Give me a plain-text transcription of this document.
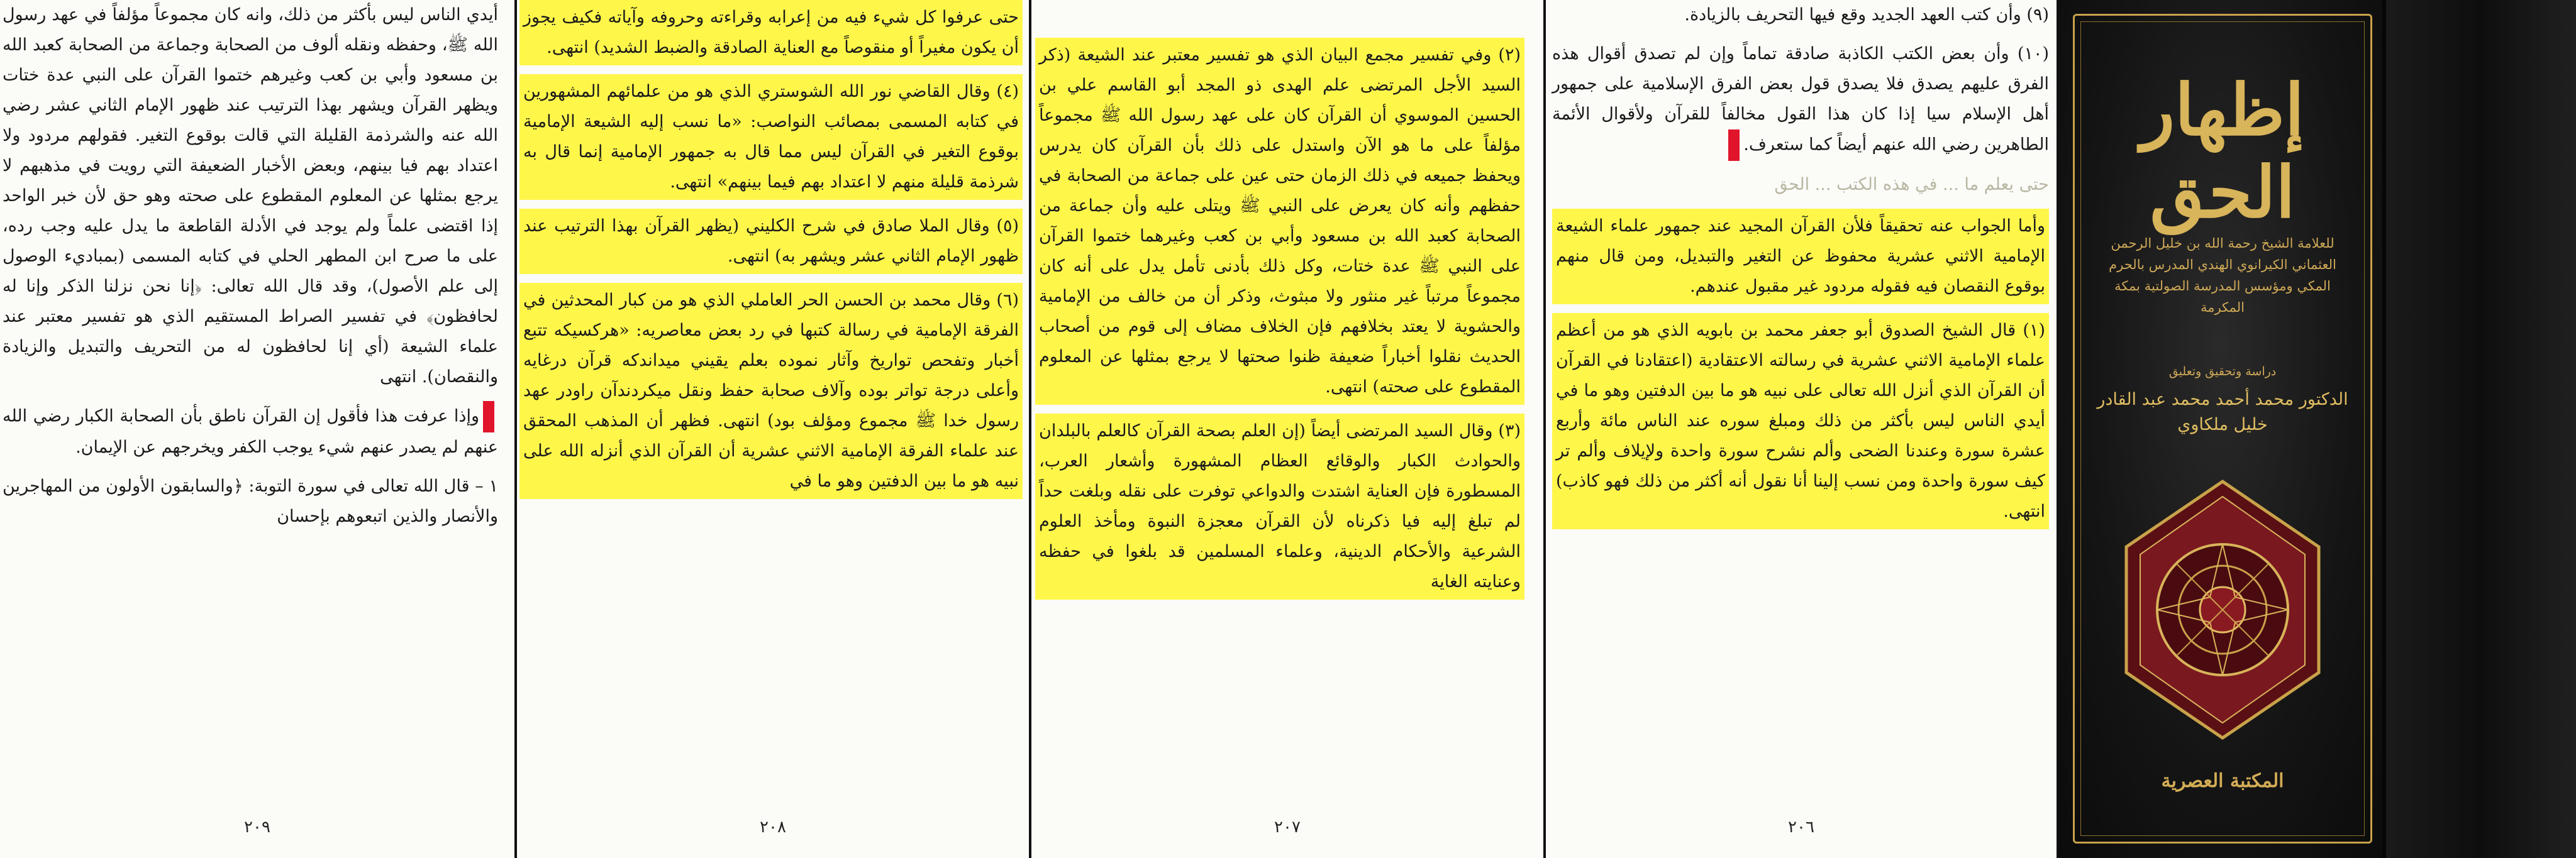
أيدي الناس ليس بأكثر من ذلك، وانه كان مجموعاً مؤلفاً في عهد رسول الله ﷺ، وحفظه ونقله ألوف من الصحابة وجماعة من الصحابة كعبد الله بن مسعود وأبي بن كعب وغيرهم ختموا القرآن على النبي عدة ختات ويظهر القرآن ويشهر بهذا الترتيب عند ظهور الإمام الثاني عشر رضي الله عنه والشرذمة القليلة التي قالت بوقوع التغير. فقولهم مردود ولا اعتداد بهم فيا بينهم، وبعض الأخبار الضعيفة التي رويت في مذهبهم لا يرجع بمثلها عن المعلوم المقطوع على صحته وهو حق لأن خبر الواحد إذا اقتضى علماً ولم يوجد في الأدلة القاطعة ما يدل عليه وجب رده، على ما صرح ابن المطهر الحلي في كتابه المسمى (بمباديء الوصول إلى علم الأصول)، وقد قال الله تعالى: ﴿إنا نحن نزلنا الذكر وإنا له لحافظون﴾ في تفسير الصراط المستقيم الذي هو تفسير معتبر عند علماء الشيعة (أي إنا لحافظون له من التحريف والتبديل والزيادة والنقصان). انتهى

وإذا عرفت هذا فأقول إن القرآن ناطق بأن الصحابة الكبار رضي الله عنهم لم يصدر عنهم شيء يوجب الكفر ويخرجهم عن الإيمان.

١ – قال الله تعالى في سورة التوبة: ﴿والسابقون الأولون من المهاجرين والأنصار والذين اتبعوهم بإحسان

٢٠٩

حتى عرفوا كل شيء فيه من إعرابه وقراءته وحروفه وآياته فكيف يجوز أن يكون مغيراً أو منقوصاً مع العناية الصادقة والضبط الشديد) انتهى.

(٤) وقال القاضي نور الله الشوستري الذي هو من علمائهم المشهورين في كتابه المسمى بمصائب النواصب: «ما نسب إليه الشيعة الإمامية بوقوع التغير في القرآن ليس مما قال به جمهور الإمامية إنما قال به شرذمة قليلة منهم لا اعتداد بهم فيما بينهم» انتهى.

(٥) وقال الملا صادق في شرح الكليني (يظهر القرآن بهذا الترتيب عند ظهور الإمام الثاني عشر ويشهر به) انتهى.

(٦) وقال محمد بن الحسن الحر العاملي الذي هو من كبار المحدثين في الفرقة الإمامية في رسالة كتبها في رد بعض معاصريه: «هركسيكه تتبع أخبار وتفحص تواريخ وآثار نموده بعلم يقيني ميداندكه قرآن درغايه وأعلى درجة تواتر بوده وآلاف صحابة حفظ ونقل ميكردندآن راودر عهد رسول خدا ﷺ مجموع ومؤلف بود) انتهى. فظهر أن المذهب المحقق عند علماء الفرقة الإمامية الاثني عشرية أن القرآن الذي أنزله الله على نبيه هو ما بين الدفتين وهو ما في

٢٠٨

(٢) وفي تفسير مجمع البيان الذي هو تفسير معتبر عند الشيعة (ذكر السيد الأجل المرتضى علم الهدى ذو المجد أبو القاسم علي بن الحسين الموسوي أن القرآن كان على عهد رسول الله ﷺ مجموعاً مؤلفاً على ما هو الآن واستدل على ذلك بأن القرآن كان يدرس ويحفظ جميعه في ذلك الزمان حتى عين على جماعة من الصحابة في حفظهم وأنه كان يعرض على النبي ﷺ ويتلى عليه وأن جماعة من الصحابة كعبد الله بن مسعود وأبي بن كعب وغيرهما ختموا القرآن على النبي ﷺ عدة ختات، وكل ذلك بأدنى تأمل يدل على أنه كان مجموعاً مرتباً غير منثور ولا مبثوث، وذكر أن من خالف من الإمامية والحشوية لا يعتد بخلافهم فإن الخلاف مضاف إلى قوم من أصحاب الحديث نقلوا أخباراً ضعيفة ظنوا صحتها لا يرجع بمثلها عن المعلوم المقطوع على صحته) انتهى.

(٣) وقال السيد المرتضى أيضاً (إن العلم بصحة القرآن كالعلم بالبلدان والحوادث الكبار والوقائع العظام المشهورة وأشعار العرب، المسطورة فإن العناية اشتدت والدواعي توفرت على نقله وبلغت حداً لم تبلغ إليه فيا ذكرناه لأن القرآن معجزة النبوة ومأخذ العلوم الشرعية والأحكام الدينية، وعلماء المسلمين قد بلغوا في حفظه وعنايته الغاية

٢٠٧

(٩) وأن كتب العهد الجديد وقع فيها التحريف بالزيادة.

(١٠) وأن بعض الكتب الكاذبة صادقة تماماً وإن لم تصدق أقوال هذه الفرق عليهم يصدق فلا يصدق قول بعض الفرق الإسلامية على جمهور أهل الإسلام سيا إذا كان هذا القول مخالفاً للقرآن ولأقوال الأئمة الطاهرين رضي الله عنهم أيضاً كما ستعرف.

حتى يعلم ما ... في هذه الكتب ... الحق

وأما الجواب عنه تحقيقاً فلأن القرآن المجيد عند جمهور علماء الشيعة الإمامية الاثني عشرية محفوظ عن التغير والتبديل، ومن قال منهم بوقوع النقصان فيه فقوله مردود غير مقبول عندهم.

(١) قال الشيخ الصدوق أبو جعفر محمد بن بابويه الذي هو من أعظم علماء الإمامية الاثني عشرية في رسالته الاعتقادية (اعتقادنا في القرآن أن القرآن الذي أنزل الله تعالى على نبيه هو ما بين الدفتين وهو ما في أيدي الناس ليس بأكثر من ذلك ومبلغ سوره عند الناس مائة وأربع عشرة سورة وعندنا الضحى وألم نشرح سورة واحدة ولإيلاف وألم تر كيف سورة واحدة ومن نسب إلينا أنا نقول أنه أكثر من ذلك فهو كاذب) انتهى.

٢٠٦
إظهار الحق
للعلامة الشيخ رحمة الله بن خليل الرحمن العثماني الكيرانوي الهندي المدرس بالحرم المكي ومؤسس المدرسة الصولتية بمكة المكرمة
دراسة وتحقيق وتعليق
الدكتور محمد أحمد محمد عبد القادر خليل ملكاوي
المكتبة العصرية
